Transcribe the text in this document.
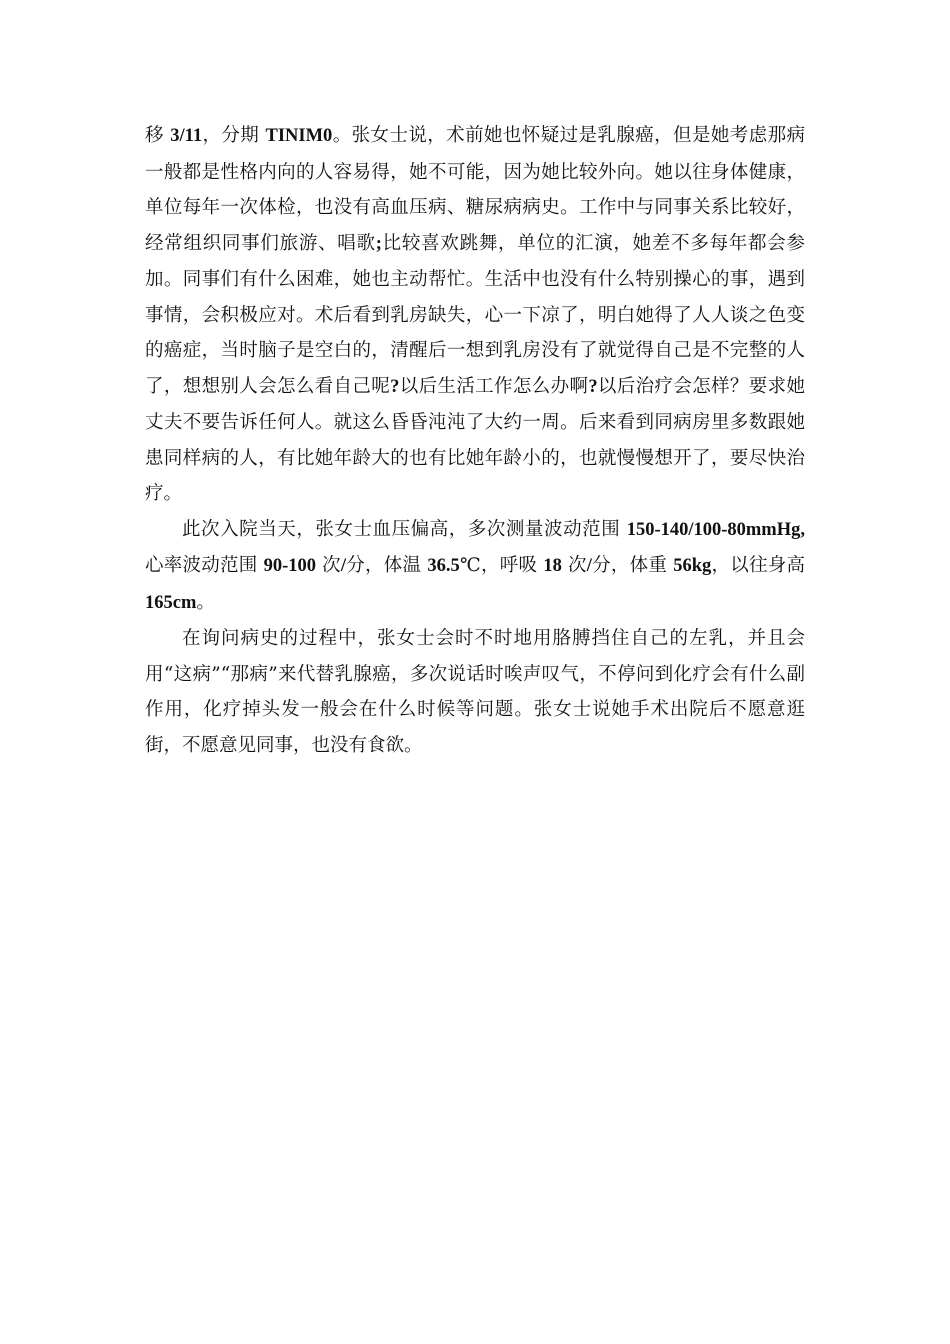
移 3/11，分期 TINIM0。张女士说，术前她也怀疑过是乳腺癌，但是她考虑那病一般都是性格内向的人容易得，她不可能，因为她比较外向。她以往身体健康，单位每年一次体检，也没有高血压病、糖尿病病史。工作中与同事关系比较好，经常组织同事们旅游、唱歌;比较喜欢跳舞，单位的汇演，她差不多每年都会参加。同事们有什么困难，她也主动帮忙。生活中也没有什么特别操心的事，遇到事情，会积极应对。术后看到乳房缺失，心一下凉了，明白她得了人人谈之色变的癌症，当时脑子是空白的，清醒后一想到乳房没有了就觉得自己是不完整的人了，想想别人会怎么看自己呢?以后生活工作怎么办啊?以后治疗会怎样？要求她丈夫不要告诉任何人。就这么昏昏沌沌了大约一周。后来看到同病房里多数跟她患同样病的人，有比她年龄大的也有比她年龄小的，也就慢慢想开了，要尽快治疗。

此次入院当天，张女士血压偏高，多次测量波动范围 150-140/100-80mmHg,心率波动范围 90-100 次/分，体温 36.5℃，呼吸 18 次/分，体重 56kg，以往身高 165cm。

在询问病史的过程中，张女士会时不时地用胳膊挡住自己的左乳，并且会用“这病”“那病”来代替乳腺癌，多次说话时唉声叹气，不停问到化疗会有什么副作用，化疗掉头发一般会在什么时候等问题。张女士说她手术出院后不愿意逛街，不愿意见同事，也没有食欲。
